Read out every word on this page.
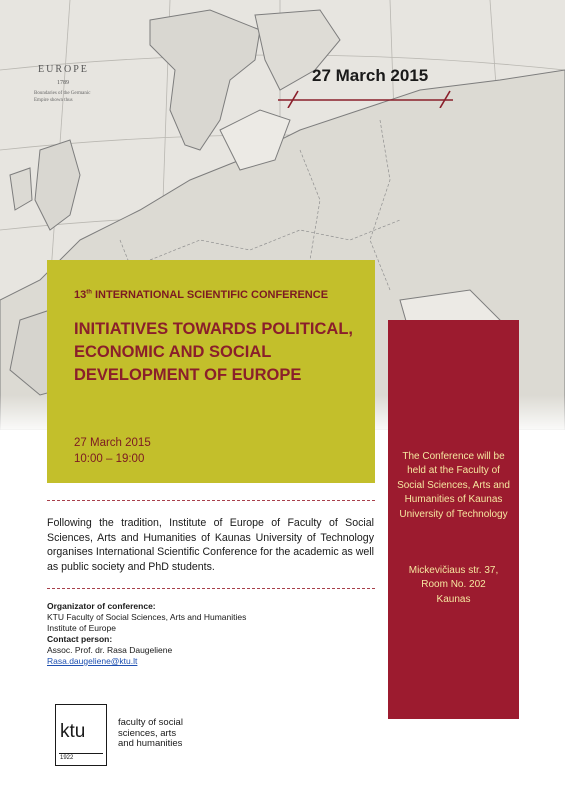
EUROPE
1789
Boundaries of the Germanic
Empire shown thus
27 March 2015
13th INTERNATIONAL SCIENTIFIC CONFERENCE
INITIATIVES TOWARDS POLITICAL, ECONOMIC AND SOCIAL DEVELOPMENT OF EUROPE
27 March 2015
10:00 – 19:00	The Conference will be held at the Faculty of Social Sciences, Arts and Humanities of Kaunas University of Technology
Mickevičiaus str. 37,
Room No. 202
Kaunas
Following the tradition, Institute of Europe of Faculty of Social Sciences, Arts and Humanities of Kaunas University of Technology organises International Scientific Conference for the academic as well as public society and PhD students.
Organizator of conference:
KTU Faculty of Social Sciences, Arts and Humanities
Institute of Europe
Contact person:
Assoc. Prof. dr. Rasa Daugeliene
Rasa.daugeliene@ktu.lt
ktu
1922
faculty of social
sciences, arts
and humanities
